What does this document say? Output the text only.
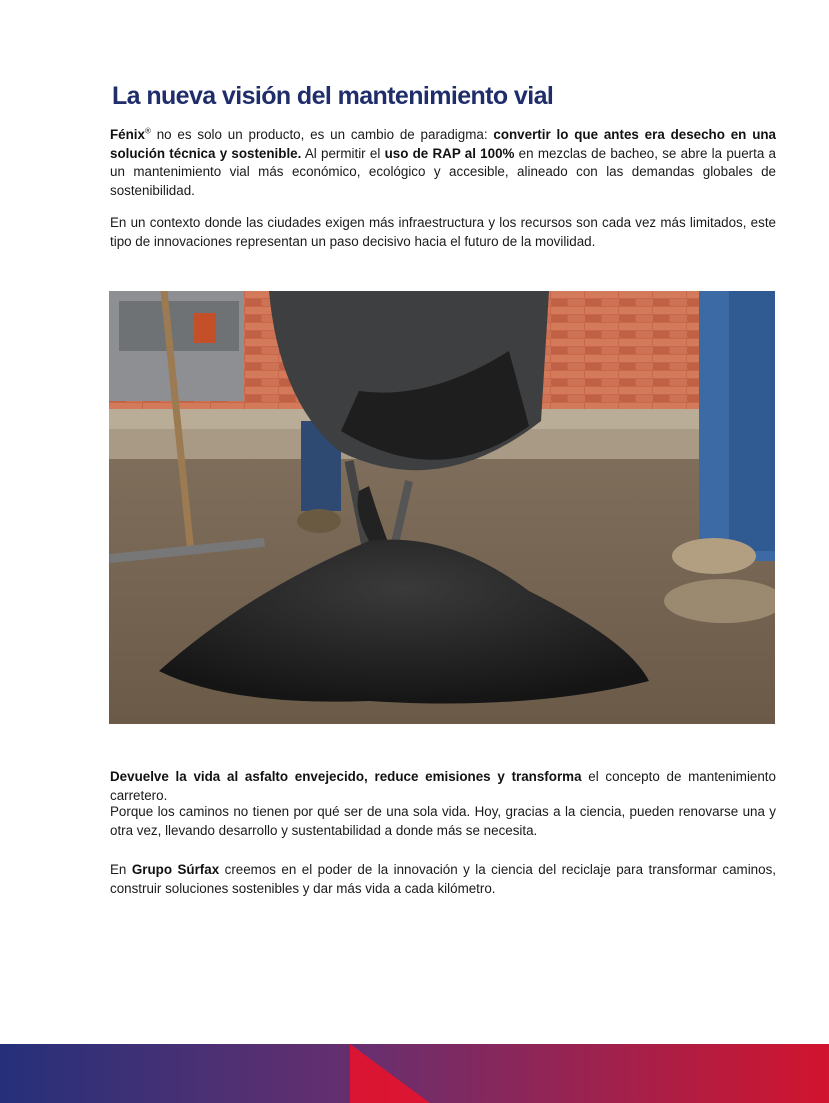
La nueva visión del mantenimiento vial

Fénix® no es solo un producto, es un cambio de paradigma: convertir lo que antes era desecho en una solución técnica y sostenible. Al permitir el uso de RAP al 100% en mezclas de bacheo, se abre la puerta a un mantenimiento vial más económico, ecológico y accesible, alineado con las demandas globales de sostenibilidad.

En un contexto donde las ciudades exigen más infraestructura y los recursos son cada vez más limitados, este tipo de innovaciones representan un paso decisivo hacia el futuro de la movilidad.

Devuelve la vida al asfalto envejecido, reduce emisiones y transforma el concepto de mantenimiento carretero.

Porque los caminos no tienen por qué ser de una sola vida. Hoy, gracias a la ciencia, pueden renovarse una y otra vez, llevando desarrollo y sustentabilidad a donde más se necesita.

En Grupo Súrfax creemos en el poder de la innovación y la ciencia del reciclaje para transformar caminos, construir soluciones sostenibles y dar más vida a cada kilómetro.
